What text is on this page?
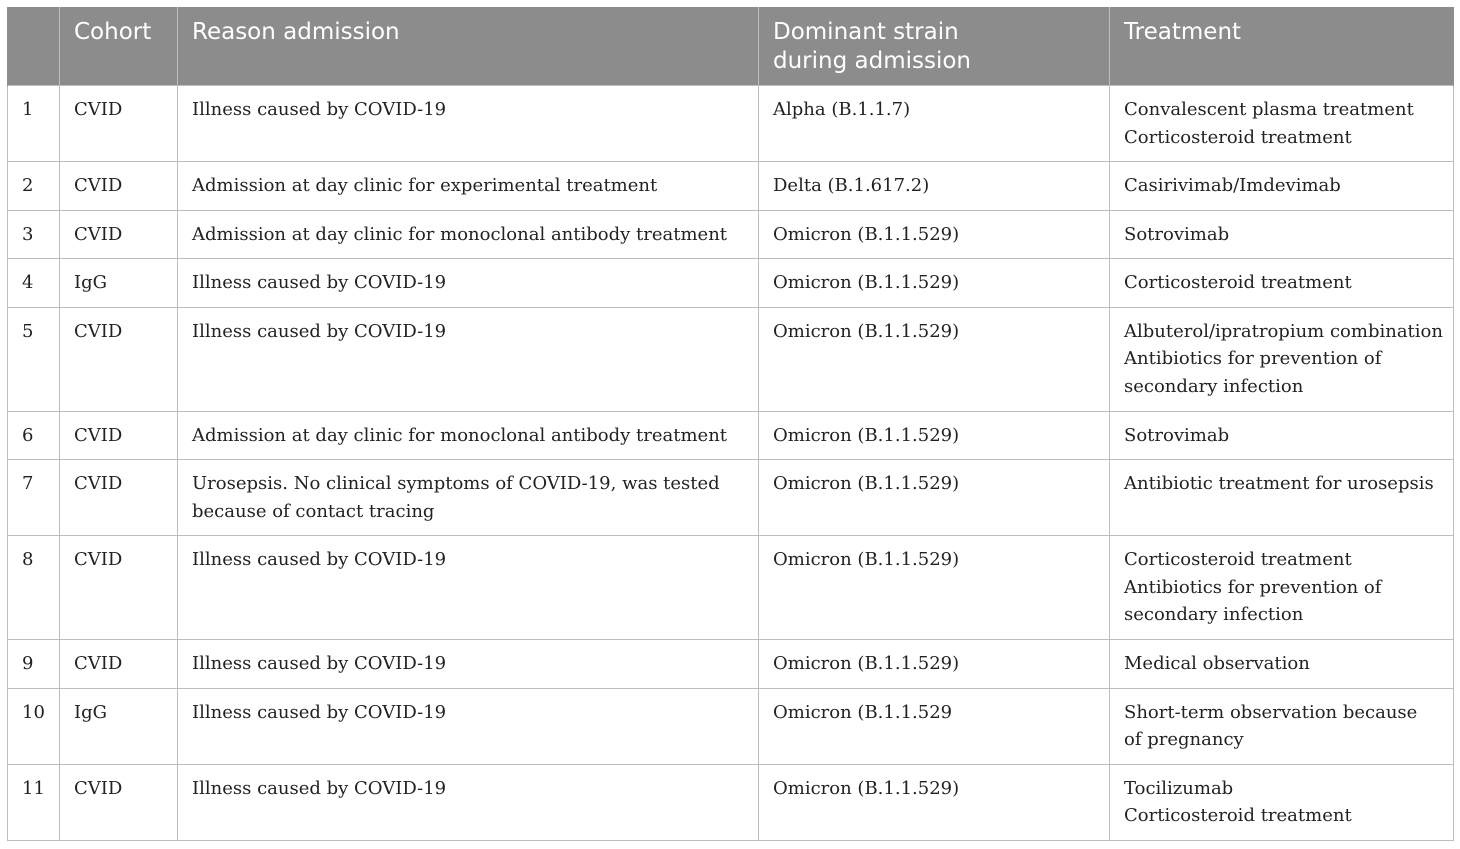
	Cohort	Reason admission	Dominant strain
during admission	Treatment
1	CVID	Illness caused by COVID-19	Alpha (B.1.1.7)	Convalescent plasma treatment
Corticosteroid treatment

2	CVID	Admission at day clinic for experimental treatment	Delta (B.1.617.2)	Casirivimab/Imdevimab

3	CVID	Admission at day clinic for monoclonal antibody treatment	Omicron (B.1.1.529)	Sotrovimab

4	IgG	Illness caused by COVID-19	Omicron (B.1.1.529)	Corticosteroid treatment

5	CVID	Illness caused by COVID-19	Omicron (B.1.1.529)	Albuterol/ipratropium combination
Antibiotics for prevention of
secondary infection

6	CVID	Admission at day clinic for monoclonal antibody treatment	Omicron (B.1.1.529)	Sotrovimab

7	CVID	Urosepsis. No clinical symptoms of COVID-19, was tested
because of contact tracing	Omicron (B.1.1.529)	Antibiotic treatment for urosepsis

8	CVID	Illness caused by COVID-19	Omicron (B.1.1.529)	Corticosteroid treatment
Antibiotics for prevention of
secondary infection

9	CVID	Illness caused by COVID-19	Omicron (B.1.1.529)	Medical observation

10	IgG	Illness caused by COVID-19	Omicron (B.1.1.529	Short-term observation because
of pregnancy

11	CVID	Illness caused by COVID-19	Omicron (B.1.1.529)	Tocilizumab
Corticosteroid treatment
